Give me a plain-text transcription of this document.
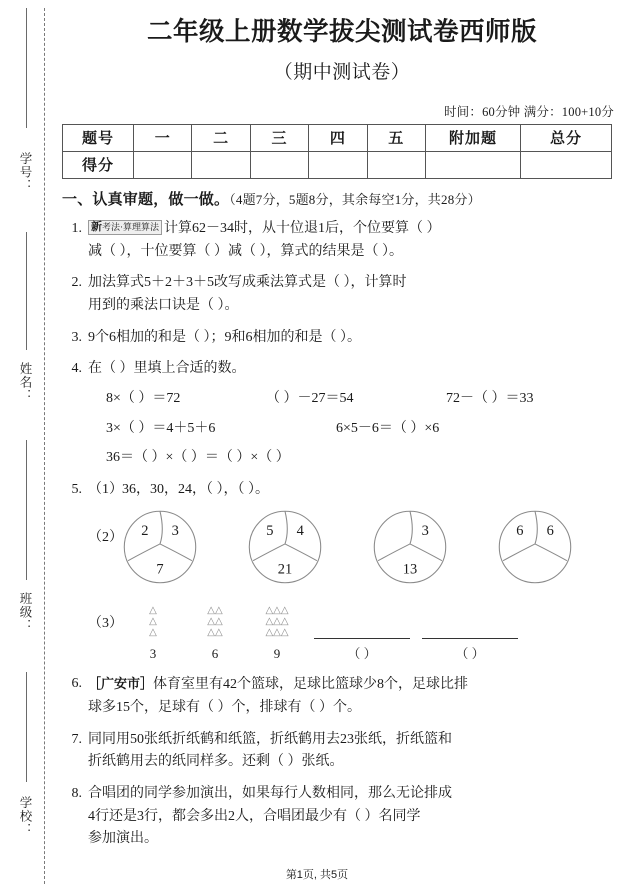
学号：
姓名：
班级：
学校：
二年级上册数学拔尖测试卷西师版
（期中测试卷）
时间：60分钟 满分：100+10分
题号	一	二	三	四	五	附加题	总分
得分							
一、认真审题，做一做。（4题7分，5题8分，其余每空1分，共28分）
1. 新考法·算理算法 计算62－34时，从十位退1后，个位要算（ ）
减（ ），十位要算（ ）减（ ），算式的结果是（ ）。
2. 加法算式5＋2＋3＋5改写成乘法算式是（ ），计算时
用到的乘法口诀是（ ）。
3. 9个6相加的和是（ ）；9和6相加的和是（ ）。
4. 在（ ）里填上合适的数。
8×（ ）＝72	（ ）－27＝54	72－（ ）＝33
3×（ ）＝4＋5＋6	6×5－6＝（ ）×6
36＝（ ）×（ ）＝（ ）×（ ）
5. （1）36，30，24，（ ），（ ）。
（2） 2 3
7
5 4
21
3
13
6 6
（3）
△
△
△
3
△△
△△
△△
6
△△△
△△△
△△△
9	（ ）	（ ）
6. ［广安市］体育室里有42个篮球，足球比篮球少8个，足球比排
球多15个，足球有（ ）个，排球有（ ）个。
7. 同同用50张纸折纸鹤和纸篮，折纸鹤用去23张纸，折纸篮和
折纸鹤用去的纸同样多。还剩（ ）张纸。
8. 合唱团的同学参加演出，如果每行人数相同，那么无论排成
4行还是3行，都会多出2人，合唱团最少有（ ）名同学
参加演出。
第1页, 共5页
